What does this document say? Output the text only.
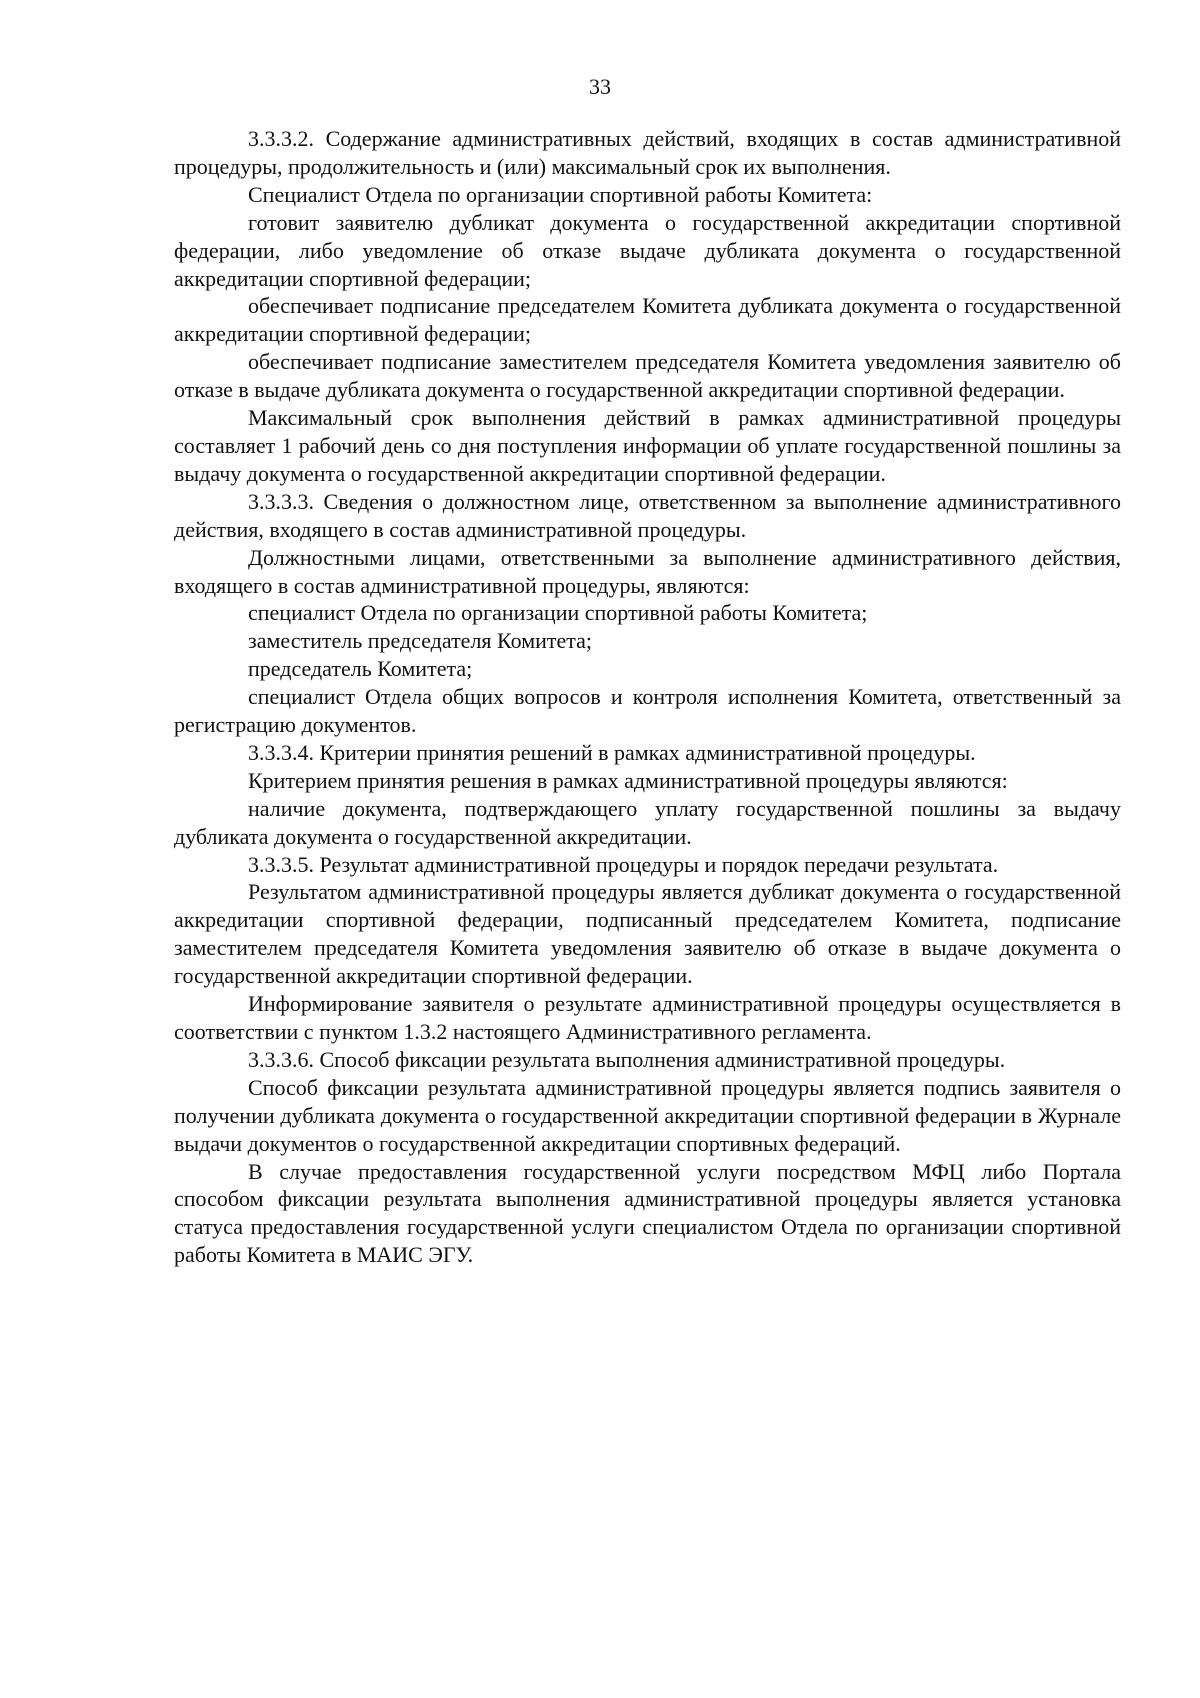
33

3.3.3.2. Содержание административных действий, входящих в состав административной процедуры, продолжительность и (или) максимальный срок их выполнения.

Специалист Отдела по организации спортивной работы Комитета:

готовит заявителю дубликат документа о государственной аккредитации спортивной федерации, либо уведомление об отказе выдаче дубликата документа о государственной аккредитации спортивной федерации;

обеспечивает подписание председателем Комитета дубликата документа о государственной аккредитации спортивной федерации;

обеспечивает подписание заместителем председателя Комитета уведомления заявителю об отказе в выдаче дубликата документа о государственной аккредитации спортивной федерации.

Максимальный срок выполнения действий в рамках административной процедуры составляет 1 рабочий день со дня поступления информации об уплате государственной пошлины за выдачу документа о государственной аккредитации спортивной федерации.

3.3.3.3. Сведения о должностном лице, ответственном за выполнение административного действия, входящего в состав административной процедуры.

Должностными лицами, ответственными за выполнение административного действия, входящего в состав административной процедуры, являются:

специалист Отдела по организации спортивной работы Комитета;

заместитель председателя Комитета;

председатель Комитета;

специалист Отдела общих вопросов и контроля исполнения Комитета, ответственный за регистрацию документов.

3.3.3.4. Критерии принятия решений в рамках административной процедуры.

Критерием принятия решения в рамках административной процедуры являются:

наличие документа, подтверждающего уплату государственной пошлины за выдачу дубликата документа о государственной аккредитации.

3.3.3.5. Результат административной процедуры и порядок передачи результата.

Результатом административной процедуры является дубликат документа о государственной аккредитации спортивной федерации, подписанный председателем Комитета, подписание заместителем председателя Комитета уведомления заявителю об отказе в выдаче документа о государственной аккредитации спортивной федерации.

Информирование заявителя о результате административной процедуры осуществляется в соответствии с пунктом 1.3.2 настоящего Административного регламента.

3.3.3.6. Способ фиксации результата выполнения административной процедуры.

Способ фиксации результата административной процедуры является подпись заявителя о получении дубликата документа о государственной аккредитации спортивной федерации в Журнале выдачи документов о государственной аккредитации спортивных федераций.

В случае предоставления государственной услуги посредством МФЦ либо Портала способом фиксации результата выполнения административной процедуры является установка статуса предоставления государственной услуги специалистом Отдела по организации спортивной работы Комитета в МАИС ЭГУ.
